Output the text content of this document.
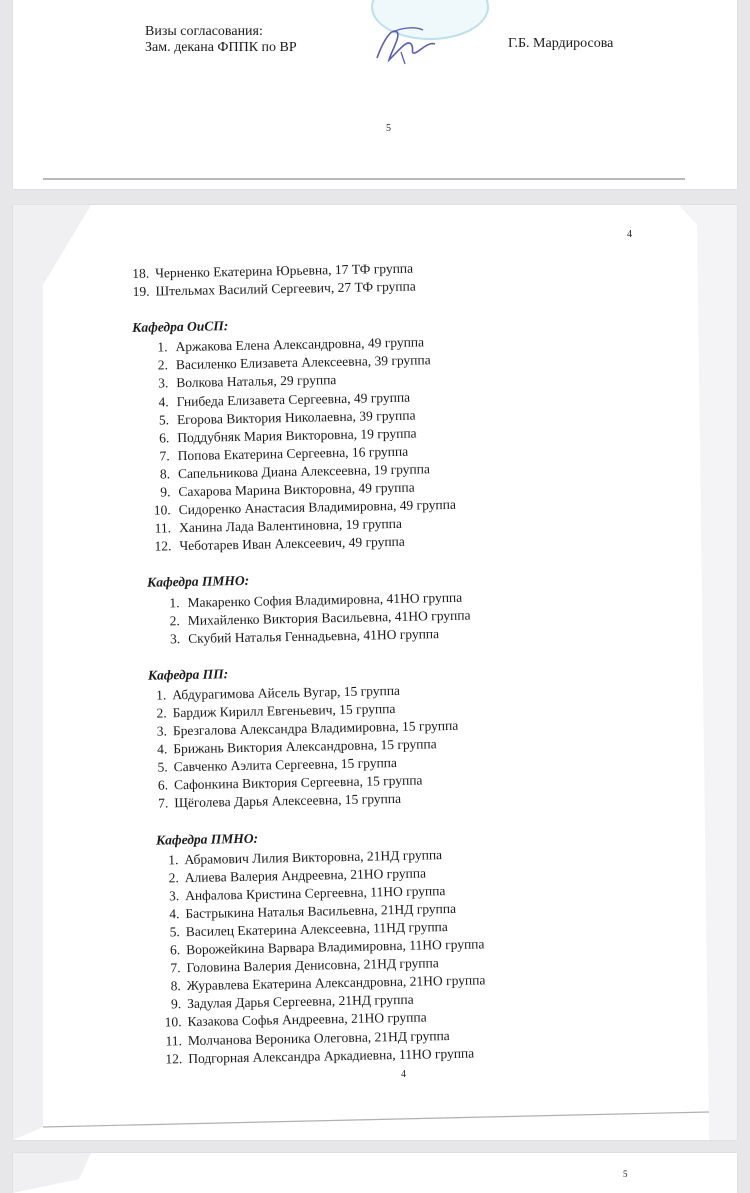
Визы согласования:
Зам. декана ФППК по ВР	Г.Б. Мардиросова
5
4
18. Черненко Екатерина Юрьевна, 17 ТФ группа
19. Штельмах Василий Сергеевич, 27 ТФ группа
Кафедра ОиСП:
1. Аржакова Елена Александровна, 49 группа
2. Василенко Елизавета Алексеевна, 39 группа
3. Волкова Наталья, 29 группа
4. Гнибеда Елизавета Сергеевна, 49 группа
5. Егорова Виктория Николаевна, 39 группа
6. Поддубняк Мария Викторовна, 19 группа
7. Попова Екатерина Сергеевна, 16 группа
8. Сапельникова Диана Алексеевна, 19 группа
9. Сахарова Марина Викторовна, 49 группа
10. Сидоренко Анастасия Владимировна, 49 группа
11. Ханина Лада Валентиновна, 19 группа
12. Чеботарев Иван Алексеевич, 49 группа
Кафедра ПМНО:
1. Макаренко София Владимировна, 41НО группа
2. Михайленко Виктория Васильевна, 41НО группа
3. Скубий Наталья Геннадьевна, 41НО группа
Кафедра ПП:
1. Абдурагимова Айсель Вугар, 15 группа
2. Бардиж Кирилл Евгеньевич, 15 группа
3. Брезгалова Александра Владимировна, 15 группа
4. Брижань Виктория Александровна, 15 группа
5. Савченко Аэлита Сергеевна, 15 группа
6. Сафонкина Виктория Сергеевна, 15 группа
7. Щёголева Дарья Алексеевна, 15 группа
Кафедра ПМНО:
1. Абрамович Лилия Викторовна, 21НД группа
2. Алиева Валерия Андреевна, 21НО группа
3. Анфалова Кристина Сергеевна, 11НО группа
4. Бастрыкина Наталья Васильевна, 21НД группа
5. Василец Екатерина Алексеевна, 11НД группа
6. Ворожейкина Варвара Владимировна, 11НО группа
7. Головина Валерия Денисовна, 21НД группа
8. Журавлева Екатерина Александровна, 21НО группа
9. Задулая Дарья Сергеевна, 21НД группа
10. Казакова Софья Андреевна, 21НО группа
11. Молчанова Вероника Олеговна, 21НД группа
12. Подгорная Александра Аркадиевна, 11НО группа
4
5
